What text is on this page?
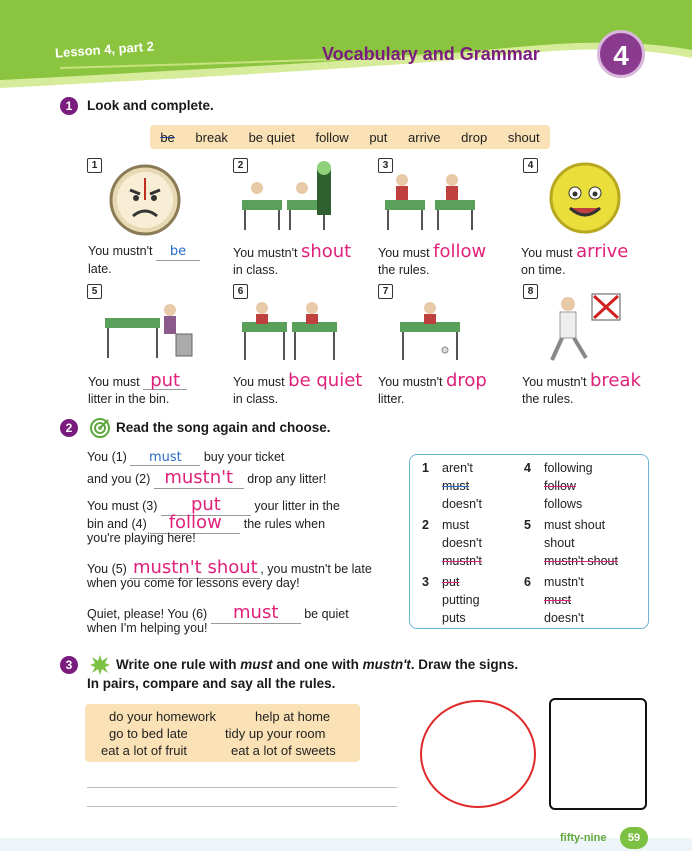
Lesson 4, part 2	Vocabulary and Grammar	4
1	Look and complete.
be break be quiet follow put arrive drop shout
1	2	3	4
You mustn't be
late.
You mustn't shout
in class.
You must follow
the rules.
You must arrive
on time.
5	6	7	8
You must put
litter in the bin.
You must be quiet
in class.
You mustn't drop
litter.
You mustn't break
the rules.
2	Read the song again and choose.
You (1) must buy your ticket
and you (2) mustn't drop any litter!
You must (3) put	your litter in the
bin and (4) follow the rules when
you're playing here!
You (5) mustn't shout , you mustn't be late
when you come for lessons every day!
Quiet, please! You (6) must be quiet
when I'm helping you!
1 aren't
must
doesn't
2 must
doesn't
mustn't
3 put
putting
puts
4 following
follow
follows
5 must shout
shout
mustn't shout
6 mustn't
must
doesn't
3	Write one rule with must and one with mustn't. Draw the signs.
In pairs, compare and say all the rules.
do your homework	help at home
go to bed late	tidy up your room
eat a lot of fruit	eat a lot of sweets
fifty-nine	59
